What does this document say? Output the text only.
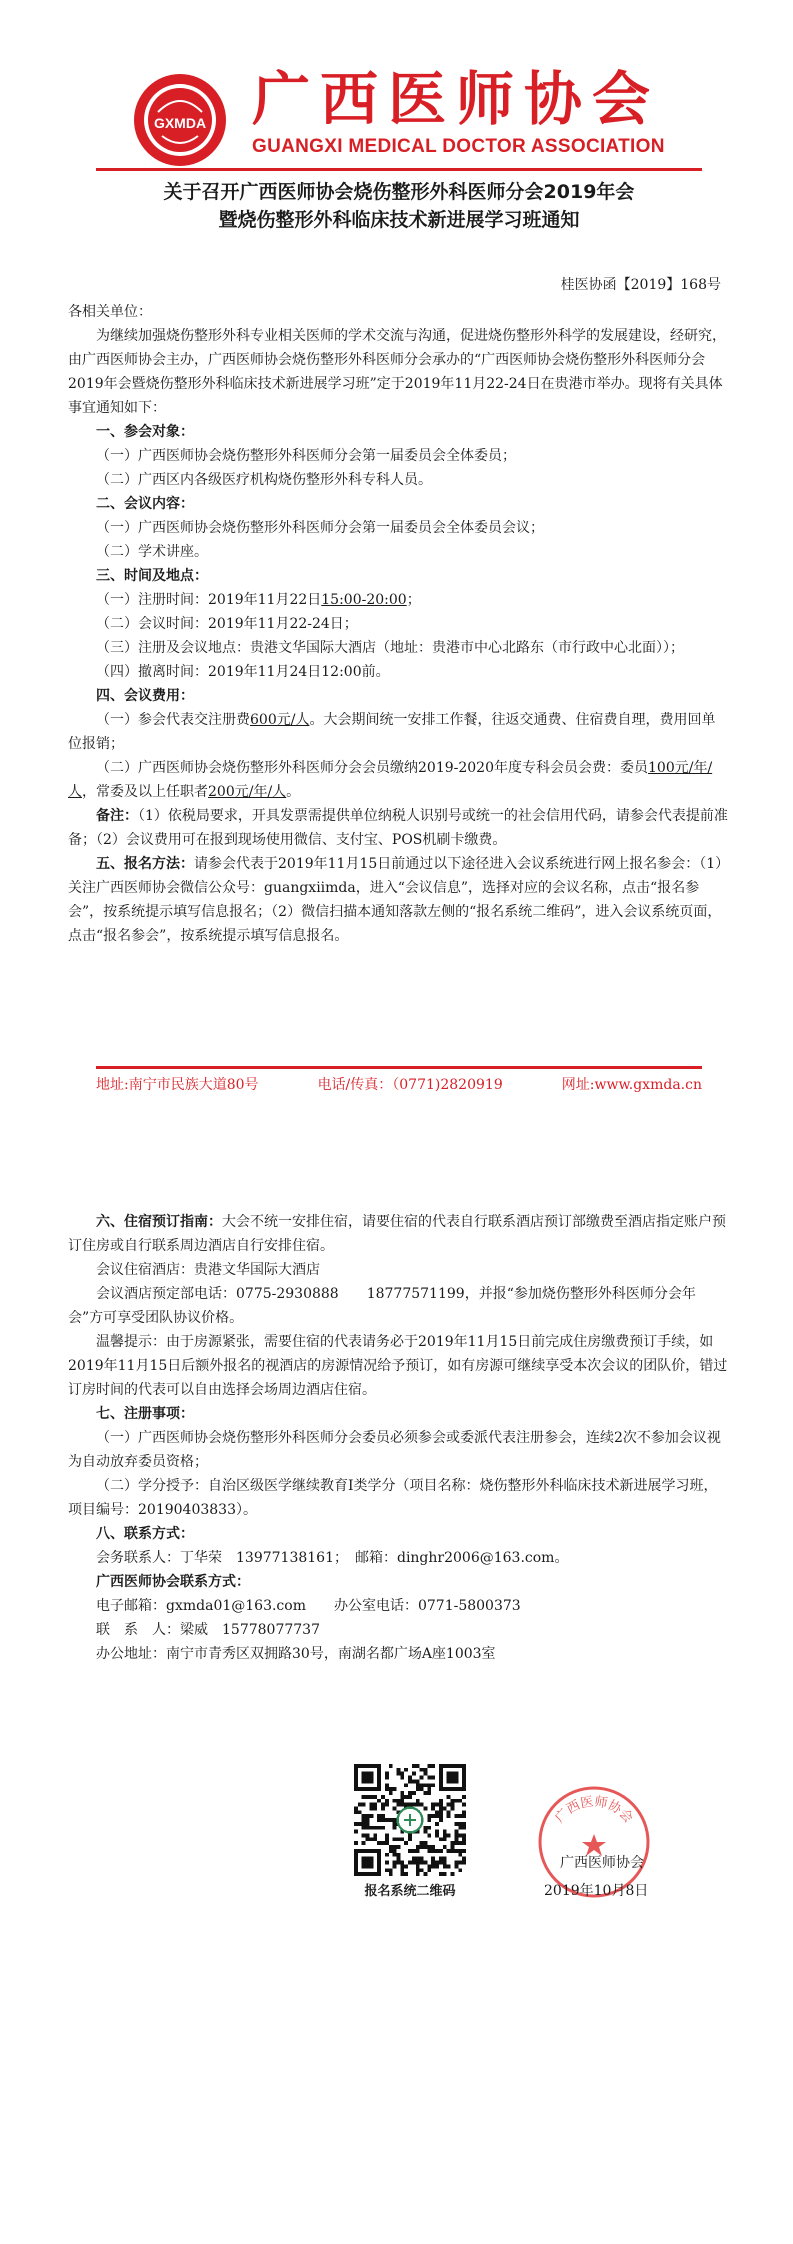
GXMDA 广西医师协会
GUANGXI MEDICAL DOCTOR ASSOCIATION
关于召开广西医师协会烧伤整形外科医师分会2019年会
暨烧伤整形外科临床技术新进展学习班通知
桂医协函【2019】168号

各相关单位：

为继续加强烧伤整形外科专业相关医师的学术交流与沟通，促进烧伤整形外科学的发展建设，经研究，由广西医师协会主办，广西医师协会烧伤整形外科医师分会承办的“广西医师协会烧伤整形外科医师分会2019年会暨烧伤整形外科临床技术新进展学习班”定于2019年11月22-24日在贵港市举办。现将有关具体事宜通知如下：

一、参会对象：

（一）广西医师协会烧伤整形外科医师分会第一届委员会全体委员；

（二）广西区内各级医疗机构烧伤整形外科专科人员。

二、会议内容：

（一）广西医师协会烧伤整形外科医师分会第一届委员会全体委员会议；

（二）学术讲座。

三、时间及地点：

（一）注册时间：2019年11月22日15:00-20:00；

（二）会议时间：2019年11月22-24日；

（三）注册及会议地点：贵港文华国际大酒店（地址：贵港市中心北路东（市行政中心北面））；

（四）撤离时间：2019年11月24日12:00前。

四、会议费用：

（一）参会代表交注册费600元/人。大会期间统一安排工作餐，往返交通费、住宿费自理，费用回单位报销；

（二）广西医师协会烧伤整形外科医师分会会员缴纳2019-2020年度专科会员会费：委员100元/年/人，常委及以上任职者200元/年/人。

备注：（1）依税局要求，开具发票需提供单位纳税人识别号或统一的社会信用代码，请参会代表提前准备；（2）会议费用可在报到现场使用微信、支付宝、POS机刷卡缴费。

五、报名方法：请参会代表于2019年11月15日前通过以下途径进入会议系统进行网上报名参会：（1）关注广西医师协会微信公众号：guangxiimda，进入“会议信息”，选择对应的会议名称，点击“报名参会”，按系统提示填写信息报名；（2）微信扫描本通知落款左侧的“报名系统二维码”，进入会议系统页面，点击“报名参会”，按系统提示填写信息报名。

地址:南宁市民族大道80号	电话/传真：（0771)2820919	网址:www.gxmda.cn

六、住宿预订指南：大会不统一安排住宿，请要住宿的代表自行联系酒店预订部缴费至酒店指定账户预订住房或自行联系周边酒店自行安排住宿。

会议住宿酒店：贵港文华国际大酒店

会议酒店预定部电话：0775-2930888　　18777571199，并报“参加烧伤整形外科医师分会年会”方可享受团队协议价格。

温馨提示：由于房源紧张，需要住宿的代表请务必于2019年11月15日前完成住房缴费预订手续，如2019年11月15日后额外报名的视酒店的房源情况给予预订，如有房源可继续享受本次会议的团队价，错过订房时间的代表可以自由选择会场周边酒店住宿。

七、注册事项：

（一）广西医师协会烧伤整形外科医师分会委员必须参会或委派代表注册参会，连续2次不参加会议视为自动放弃委员资格；

（二）学分授予：自治区级医学继续教育Ⅰ类学分（项目名称：烧伤整形外科临床技术新进展学习班，项目编号：20190403833）。

八、联系方式：

会务联系人：丁华荣　13977138161；　邮箱：dinghr2006@163.com。

广西医师协会联系方式：

电子邮箱：gxmda01@163.com　　办公室电话：0771-5800373

联　系　人：梁威　15778077737

办公地址：南宁市青秀区双拥路30号，南湖名都广场A座1003室

报名系统二维码
广西医师协会
广西医师协会
2019年10月8日
